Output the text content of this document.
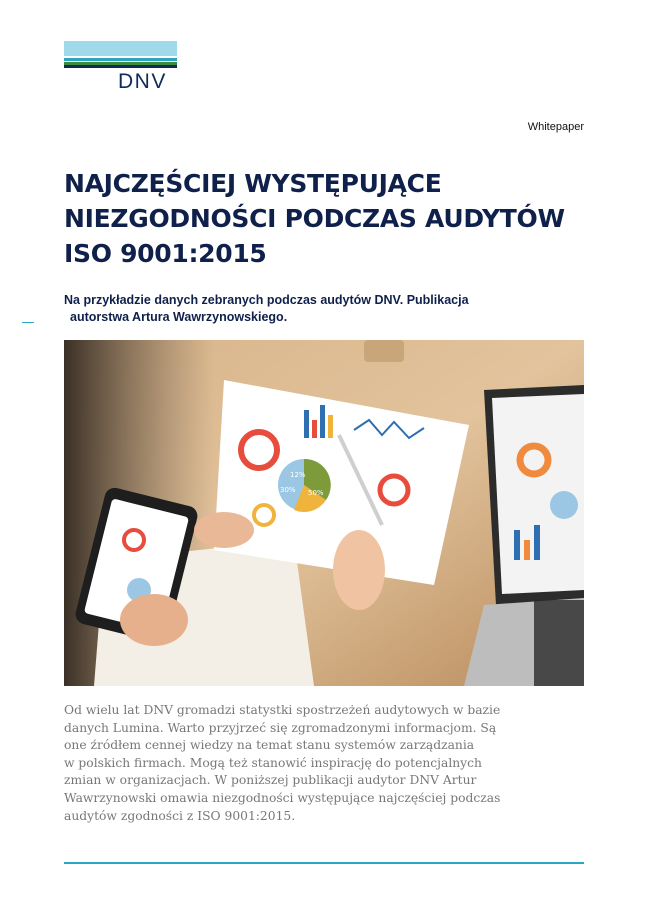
DNV
Whitepaper
NAJCZĘŚCIEJ WYSTĘPUJĄCE
NIEZGODNOŚCI PODCZAS AUDYTÓW
ISO 9001:2015

Na przykładzie danych zebranych podczas audytów DNV. Publikacja
autorstwa Artura Wawrzynowskiego.

12%
30% 50%

Od wielu lat DNV gromadzi statystki spostrzeżeń audytowych w bazie
danych Lumina. Warto przyjrzeć się zgromadzonymi informacjom. Są
one źródłem cennej wiedzy na temat stanu systemów zarządzania
w polskich firmach. Mogą też stanowić inspirację do potencjalnych
zmian w organizacjach. W poniższej publikacji audytor DNV Artur
Wawrzynowski omawia niezgodności występujące najczęściej podczas
audytów zgodności z ISO 9001:2015.
